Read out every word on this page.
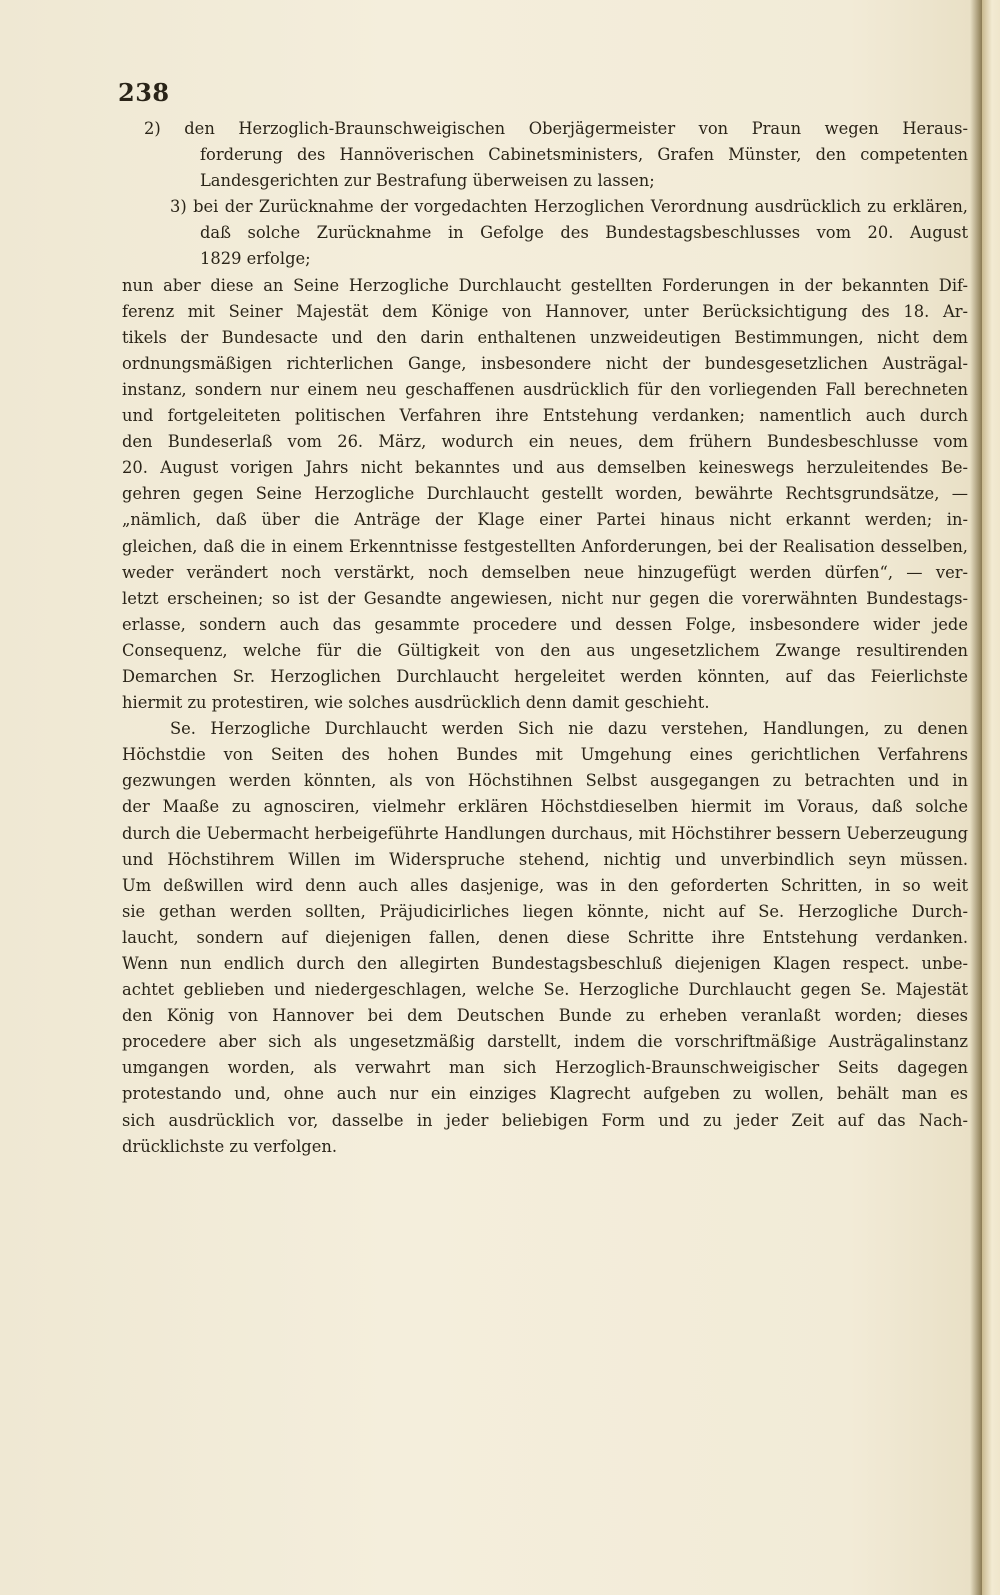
238
2) den Herzoglich-Braunschweigischen Oberjägermeister von Praun wegen Heraus-
forderung des Hannöverischen Cabinetsministers, Grafen Münster, den competenten
Landesgerichten zur Bestrafung überweisen zu lassen;
3) bei der Zurücknahme der vorgedachten Herzoglichen Verordnung ausdrücklich zu erklären,
daß solche Zurücknahme in Gefolge des Bundestagsbeschlusses vom 20. August
1829 erfolge;
nun aber diese an Seine Herzogliche Durchlaucht gestellten Forderungen in der bekannten Dif-
ferenz mit Seiner Majestät dem Könige von Hannover, unter Berücksichtigung des 18. Ar-
tikels der Bundesacte und den darin enthaltenen unzweideutigen Bestimmungen, nicht dem
ordnungsmäßigen richterlichen Gange, insbesondere nicht der bundesgesetzlichen Austrägal-
instanz, sondern nur einem neu geschaffenen ausdrücklich für den vorliegenden Fall berechneten
und fortgeleiteten politischen Verfahren ihre Entstehung verdanken; namentlich auch durch
den Bundeserlaß vom 26. März, wodurch ein neues, dem frühern Bundesbeschlusse vom
20. August vorigen Jahrs nicht bekanntes und aus demselben keineswegs herzuleitendes Be-
gehren gegen Seine Herzogliche Durchlaucht gestellt worden, bewährte Rechtsgrundsätze, —
„nämlich, daß über die Anträge der Klage einer Partei hinaus nicht erkannt werden; in-
gleichen, daß die in einem Erkenntnisse festgestellten Anforderungen, bei der Realisation desselben,
weder verändert noch verstärkt, noch demselben neue hinzugefügt werden dürfen“, — ver-
letzt erscheinen; so ist der Gesandte angewiesen, nicht nur gegen die vorerwähnten Bundestags-
erlasse, sondern auch das gesammte procedere und dessen Folge, insbesondere wider jede
Consequenz, welche für die Gültigkeit von den aus ungesetzlichem Zwange resultirenden
Demarchen Sr. Herzoglichen Durchlaucht hergeleitet werden könnten, auf das Feierlichste
hiermit zu protestiren, wie solches ausdrücklich denn damit geschieht.
Se. Herzogliche Durchlaucht werden Sich nie dazu verstehen, Handlungen, zu denen
Höchstdie von Seiten des hohen Bundes mit Umgehung eines gerichtlichen Verfahrens
gezwungen werden könnten, als von Höchstihnen Selbst ausgegangen zu betrachten und in
der Maaße zu agnosciren, vielmehr erklären Höchstdieselben hiermit im Voraus, daß solche
durch die Uebermacht herbeigeführte Handlungen durchaus, mit Höchstihrer bessern Ueberzeugung
und Höchstihrem Willen im Widerspruche stehend, nichtig und unverbindlich seyn müssen.
Um deßwillen wird denn auch alles dasjenige, was in den geforderten Schritten, in so weit
sie gethan werden sollten, Präjudicirliches liegen könnte, nicht auf Se. Herzogliche Durch-
laucht, sondern auf diejenigen fallen, denen diese Schritte ihre Entstehung verdanken.
Wenn nun endlich durch den allegirten Bundestagsbeschluß diejenigen Klagen respect. unbe-
achtet geblieben und niedergeschlagen, welche Se. Herzogliche Durchlaucht gegen Se. Majestät
den König von Hannover bei dem Deutschen Bunde zu erheben veranlaßt worden; dieses
procedere aber sich als ungesetzmäßig darstellt, indem die vorschriftmäßige Austrägalinstanz
umgangen worden, als verwahrt man sich Herzoglich-Braunschweigischer Seits dagegen
protestando und, ohne auch nur ein einziges Klagrecht aufgeben zu wollen, behält man es
sich ausdrücklich vor, dasselbe in jeder beliebigen Form und zu jeder Zeit auf das Nach-
drücklichste zu verfolgen.
